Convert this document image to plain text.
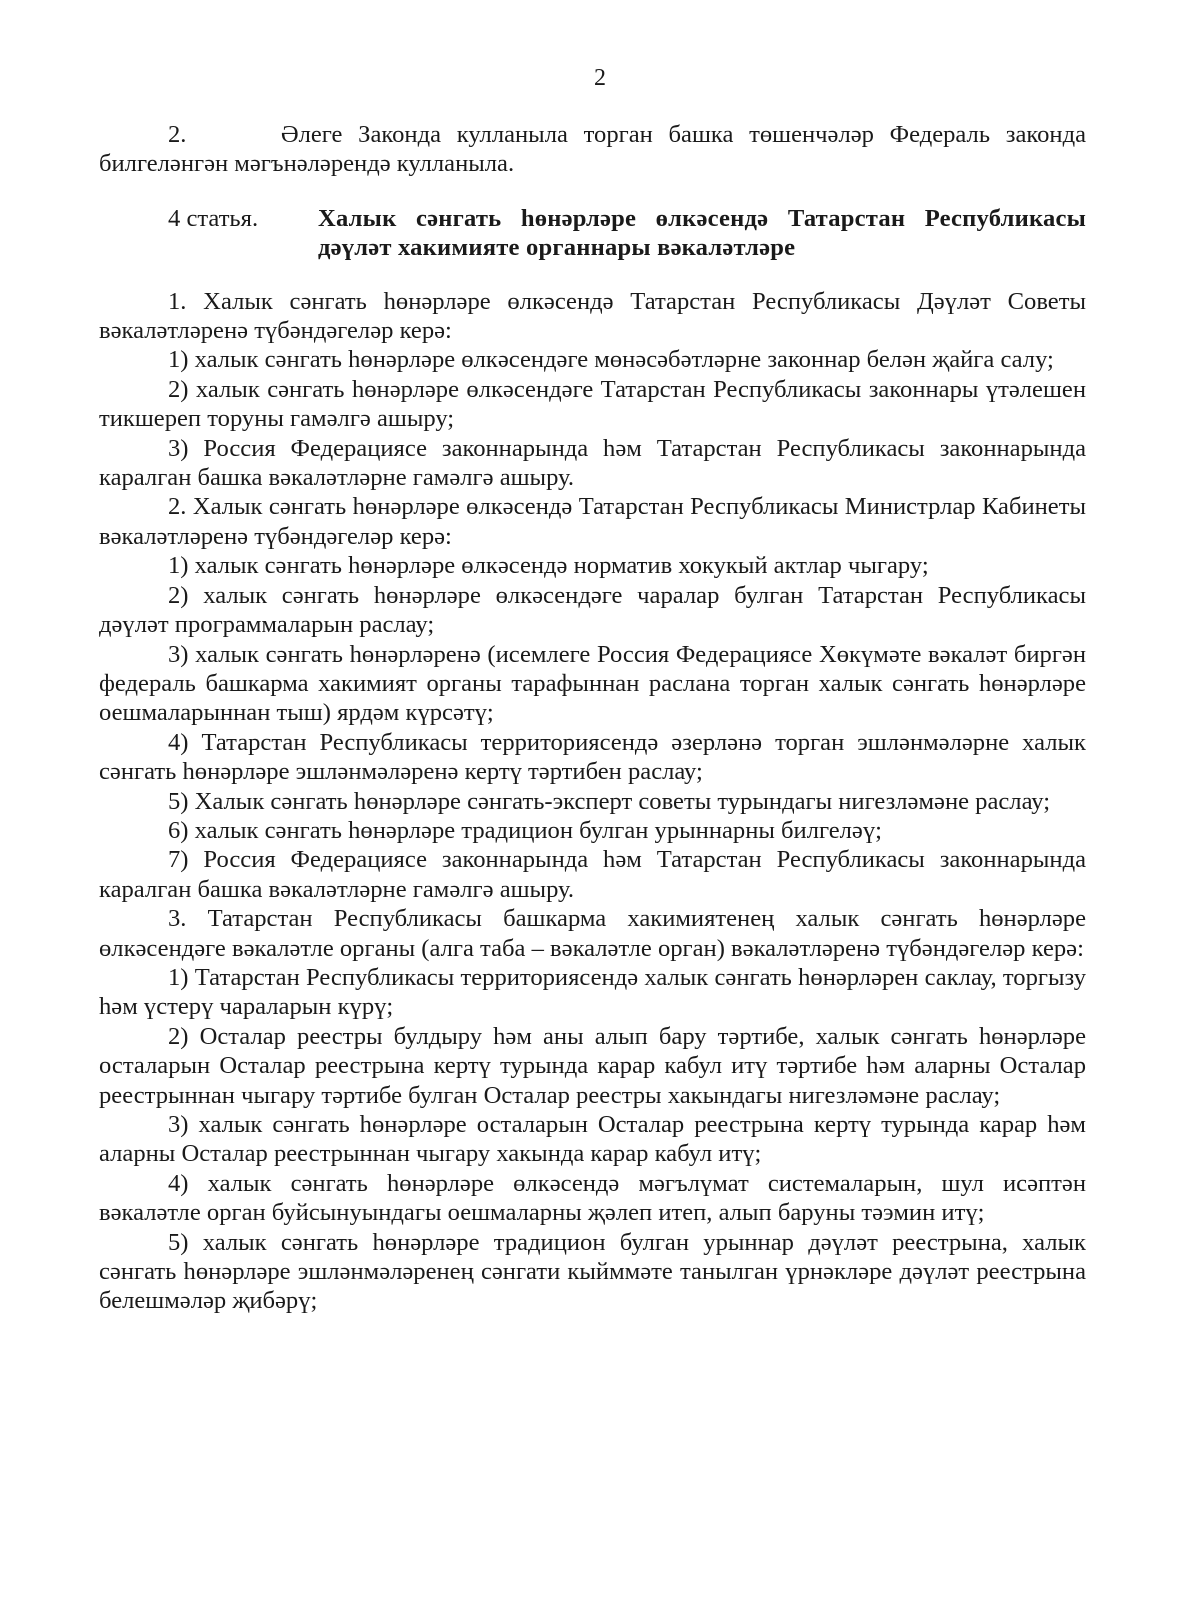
2

2.      Әлеге Законда кулланыла торган башка төшенчәләр Федераль законда билгеләнгән мәгънәләрендә кулланыла.

4 статья.	Халык сәнгать һөнәрләре өлкәсендә Татарстан Республикасы дәүләт хакимияте органнары вәкаләтләре

1. Халык сәнгать һөнәрләре өлкәсендә Татарстан Республикасы Дәүләт Советы вәкаләтләренә түбәндәгеләр керә:

1) халык сәнгать һөнәрләре өлкәсендәге мөнәсәбәтләрне законнар белән җайга салу;

2) халык сәнгать һөнәрләре өлкәсендәге Татарстан Республикасы законнары үтәлешен тикшереп торуны гамәлгә ашыру;

3) Россия Федерациясе законнарында һәм Татарстан Республикасы законнарында каралган башка вәкаләтләрне гамәлгә ашыру.

2. Халык сәнгать һөнәрләре өлкәсендә Татарстан Республикасы Министрлар Кабинеты вәкаләтләренә түбәндәгеләр керә:

1) халык сәнгать һөнәрләре өлкәсендә норматив хокукый актлар чыгару;

2) халык сәнгать һөнәрләре өлкәсендәге чаралар булган Татарстан Республикасы дәүләт программаларын раслау;

3) халык сәнгать һөнәрләренә (исемлеге Россия Федерациясе Хөкүмәте вәкаләт биргән федераль башкарма хакимият органы тарафыннан раслана торган халык сәнгать һөнәрләре оешмаларыннан тыш) ярдәм күрсәтү;

4) Татарстан Республикасы территориясендә әзерләнә торган эшләнмәләрне халык сәнгать һөнәрләре эшләнмәләренә кертү тәртибен раслау;

5) Халык сәнгать һөнәрләре сәнгать-эксперт советы турындагы нигезләмәне раслау;

6) халык сәнгать һөнәрләре традицион булган урыннарны билгеләү;

7) Россия Федерациясе законнарында һәм Татарстан Республикасы законнарында каралган башка вәкаләтләрне гамәлгә ашыру.

3. Татарстан Республикасы башкарма хакимиятенең халык сәнгать һөнәрләре өлкәсендәге вәкаләтле органы (алга таба – вәкаләтле орган) вәкаләтләренә түбәндәгеләр керә:

1) Татарстан Республикасы территориясендә халык сәнгать һөнәрләрен саклау, торгызу һәм үстерү чараларын күрү;

2) Осталар реестры булдыру һәм аны алып бару тәртибе, халык сәнгать һөнәрләре осталарын Осталар реестрына кертү турында карар кабул итү тәртибе һәм аларны Осталар реестрыннан чыгару тәртибе булган Осталар реестры хакындагы нигезләмәне раслау;

3) халык сәнгать һөнәрләре осталарын Осталар реестрына кертү турында карар һәм аларны Осталар реестрыннан чыгару хакында карар кабул итү;

4) халык сәнгать һөнәрләре өлкәсендә мәгълүмат системаларын, шул исәптән вәкаләтле орган буйсынуындагы оешмаларны җәлеп итеп, алып баруны тәэмин итү;

5) халык сәнгать һөнәрләре традицион булган урыннар дәүләт реестрына, халык сәнгать һөнәрләре эшләнмәләренең сәнгати кыйммәте танылган үрнәкләре дәүләт реестрына белешмәләр җибәрү;
